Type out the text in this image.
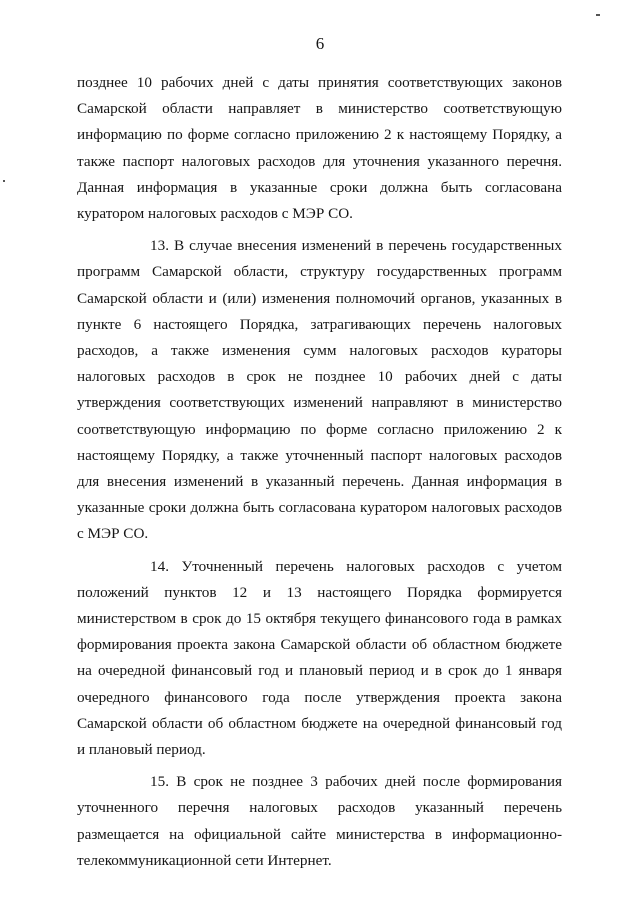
6

позднее 10 рабочих дней с даты принятия соответствующих законов Самарской области направляет в министерство соответствующую информацию по форме согласно приложению 2 к настоящему Порядку, а также паспорт налоговых расходов для уточнения указанного перечня. Данная информация в указанные сроки должна быть согласована куратором налоговых расходов с МЭР СО.

13. В случае внесения изменений в перечень государственных программ Самарской области, структуру государственных программ Самарской области и (или) изменения полномочий органов, указанных в пункте 6 настоящего Порядка, затрагивающих перечень налоговых расходов, а также изменения сумм налоговых расходов кураторы налоговых расходов в срок не позднее 10 рабочих дней с даты утверждения соответствующих изменений направляют в министерство соответствующую информацию по форме согласно приложению 2 к настоящему Порядку, а также уточненный паспорт налоговых расходов для внесения изменений в указанный перечень. Данная информация в указанные сроки должна быть согласована куратором налоговых расходов с МЭР СО.

14. Уточненный перечень налоговых расходов с учетом положений пунктов 12 и 13 настоящего Порядка формируется министерством в срок до 15 октября текущего финансового года в рамках формирования проекта закона Самарской области об областном бюджете на очередной финансовый год и плановый период и в срок до 1 января очередного финансового года после утверждения проекта закона Самарской области об областном бюджете на очередной финансовый год и плановый период.

15. В срок не позднее 3 рабочих дней после формирования уточненного перечня налоговых расходов указанный перечень размещается на официальной сайте министерства в информационно-телекоммуникационной сети Интернет.
